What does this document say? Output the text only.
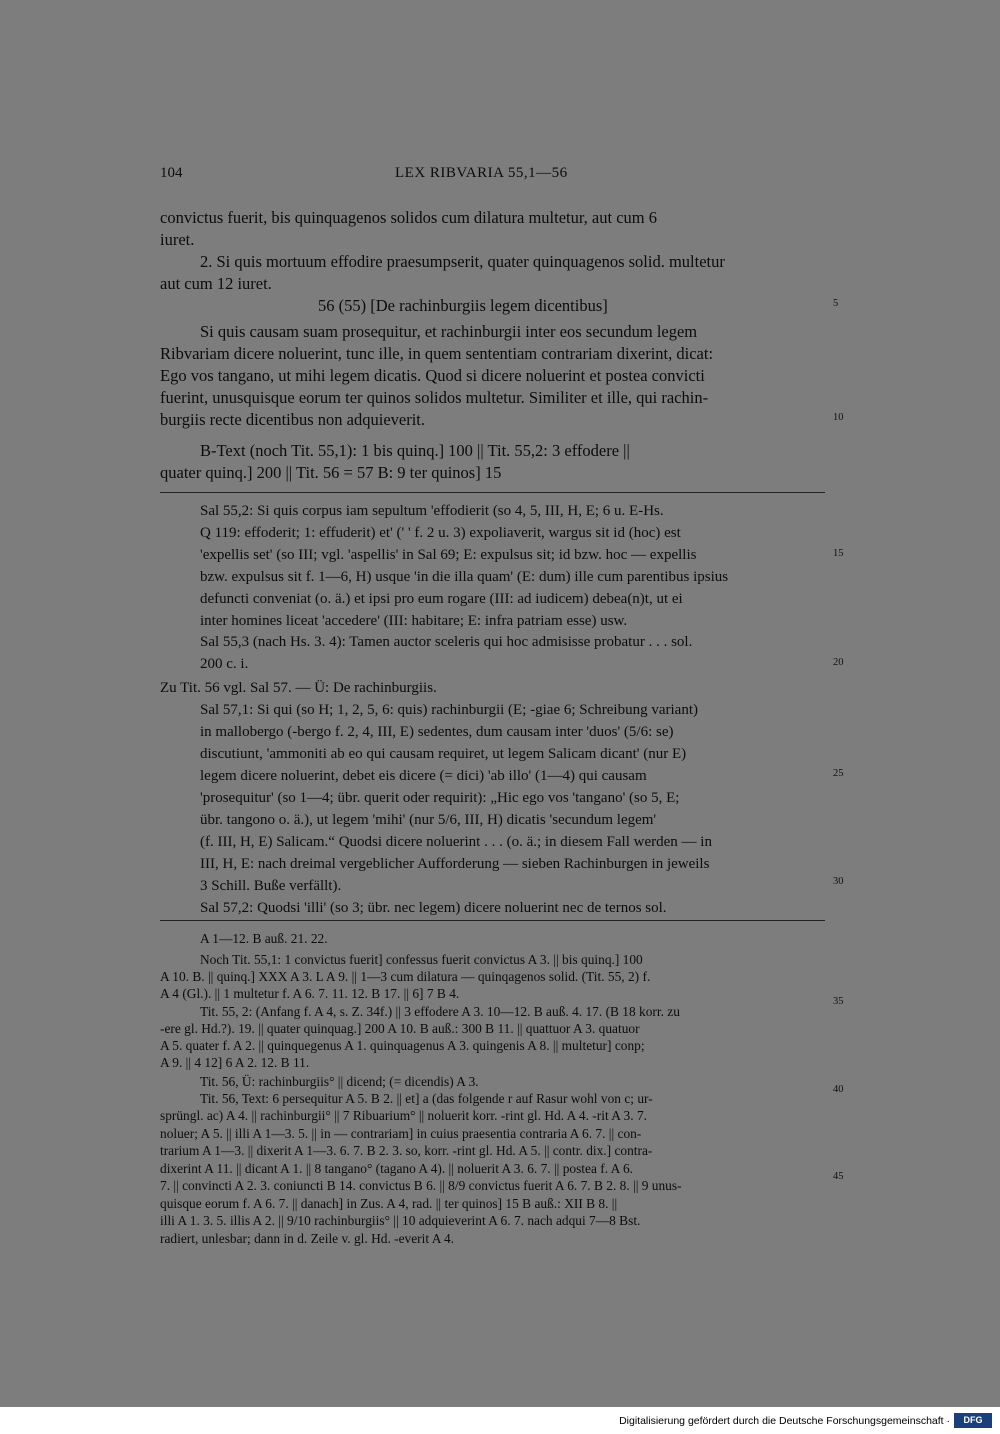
104	LEX RIBVARIA 55,1—56
convictus fuerit, bis quinquagenos solidos cum dilatura multetur, aut cum 6
iuret.
2. Si quis mortuum effodire praesumpserit, quater quinquagenos solid. multetur
aut cum 12 iuret.
56 (55) [De rachinburgiis legem dicentibus]
Si quis causam suam prosequitur, et rachinburgii inter eos secundum legem
Ribvariam dicere noluerint, tunc ille, in quem sententiam contrariam dixerint, dicat:
Ego vos tangano, ut mihi legem dicatis. Quod si dicere noluerint et postea convicti
fuerint, unusquisque eorum ter quinos solidos multetur. Similiter et ille, qui rachin-
burgiis recte dicentibus non adquieverit.
B-Text (noch Tit. 55,1): 1 bis quinq.] 100 || Tit. 55,2: 3 effodere ||
quater quinq.] 200 || Tit. 56 = 57 B: 9 ter quinos] 15
Sal 55,2: Si quis corpus iam sepultum 'effodierit (so 4, 5, III, H, E; 6 u. E-Hs.
Q 119: effoderit; 1: effuderit) et' (' ' f. 2 u. 3) expoliaverit, wargus sit id (hoc) est
'expellis set' (so III; vgl. 'aspellis' in Sal 69; E: expulsus sit; id bzw. hoc — expellis
bzw. expulsus sit f. 1—6, H) usque 'in die illa quam' (E: dum) ille cum parentibus ipsius
defuncti conveniat (o. ä.) et ipsi pro eum rogare (III: ad iudicem) debea(n)t, ut ei
inter homines liceat 'accedere' (III: habitare; E: infra patriam esse) usw.
Sal 55,3 (nach Hs. 3. 4): Tamen auctor sceleris qui hoc admisisse probatur . . . sol.
200 c. i.
Zu Tit. 56 vgl. Sal 57. — Ü: De rachinburgiis.
Sal 57,1: Si qui (so H; 1, 2, 5, 6: quis) rachinburgii (E; -giae 6; Schreibung variant)
in mallobergo (-bergo f. 2, 4, III, E) sedentes, dum causam inter 'duos' (5/6: se)
discutiunt, 'ammoniti ab eo qui causam requiret, ut legem Salicam dicant' (nur E)
legem dicere noluerint, debet eis dicere (= dici) 'ab illo' (1—4) qui causam
'prosequitur' (so 1—4; übr. querit oder requirit): „Hic ego vos 'tangano' (so 5, E;
übr. tangono o. ä.), ut legem 'mihi' (nur 5/6, III, H) dicatis 'secundum legem'
(f. III, H, E) Salicam.“ Quodsi dicere noluerint . . . (o. ä.; in diesem Fall werden — in
III, H, E: nach dreimal vergeblicher Aufforderung — sieben Rachinburgen in jeweils
3 Schill. Buße verfällt).
Sal 57,2: Quodsi 'illi' (so 3; übr. nec legem) dicere noluerint nec de ternos sol.
A 1—12. B auß. 21. 22.
Noch Tit. 55,1: 1 convictus fuerit] confessus fuerit convictus A 3. || bis quinq.] 100
A 10. B. || quinq.] XXX A 3. L A 9. || 1—3 cum dilatura — quinqagenos solid. (Tit. 55, 2) f.
A 4 (Gl.). || 1 multetur f. A 6. 7. 11. 12. B 17. || 6] 7 B 4.
Tit. 55, 2: (Anfang f. A 4, s. Z. 34f.) || 3 effodere A 3. 10—12. B auß. 4. 17. (B 18 korr. zu
-ere gl. Hd.?). 19. || quater quinquag.] 200 A 10. B auß.: 300 B 11. || quattuor A 3. quatuor
A 5. quater f. A 2. || quinquegenus A 1. quinquagenus A 3. quingenis A 8. || multetur] conp;
A 9. || 4 12] 6 A 2. 12. B 11.
Tit. 56, Ü: rachinburgiis° || dicend; (= dicendis) A 3.
Tit. 56, Text: 6 persequitur A 5. B 2. || et] a (das folgende r auf Rasur wohl von c; ur-
sprüngl. ac) A 4. || rachinburgii° || 7 Ribuarium° || noluerit korr. -rint gl. Hd. A 4. -rit A 3. 7.
noluer; A 5. || illi A 1—3. 5. || in — contrariam] in cuius praesentia contraria A 6. 7. || con-
trarium A 1—3. || dixerit A 1—3. 6. 7. B 2. 3. so, korr. -rint gl. Hd. A 5. || contr. dix.] contra-
dixerint A 11. || dicant A 1. || 8 tangano° (tagano A 4). || noluerit A 3. 6. 7. || postea f. A 6.
7. || convincti A 2. 3. coniuncti B 14. convictus B 6. || 8/9 convictus fuerit A 6. 7. B 2. 8. || 9 unus-
quisque eorum f. A 6. 7. || danach] in Zus. A 4, rad. || ter quinos] 15 B auß.: XII B 8. ||
illi A 1. 3. 5. illis A 2. || 9/10 rachinburgiis° || 10 adquieverint A 6. 7. nach adqui 7—8 Bst.
radiert, unlesbar; dann in d. Zeile v. gl. Hd. -everit A 4.
5
10
15
20
25
30
35
40
45
Digitalisierung gefördert durch die Deutsche Forschungsgemeinschaft ·	DFG
